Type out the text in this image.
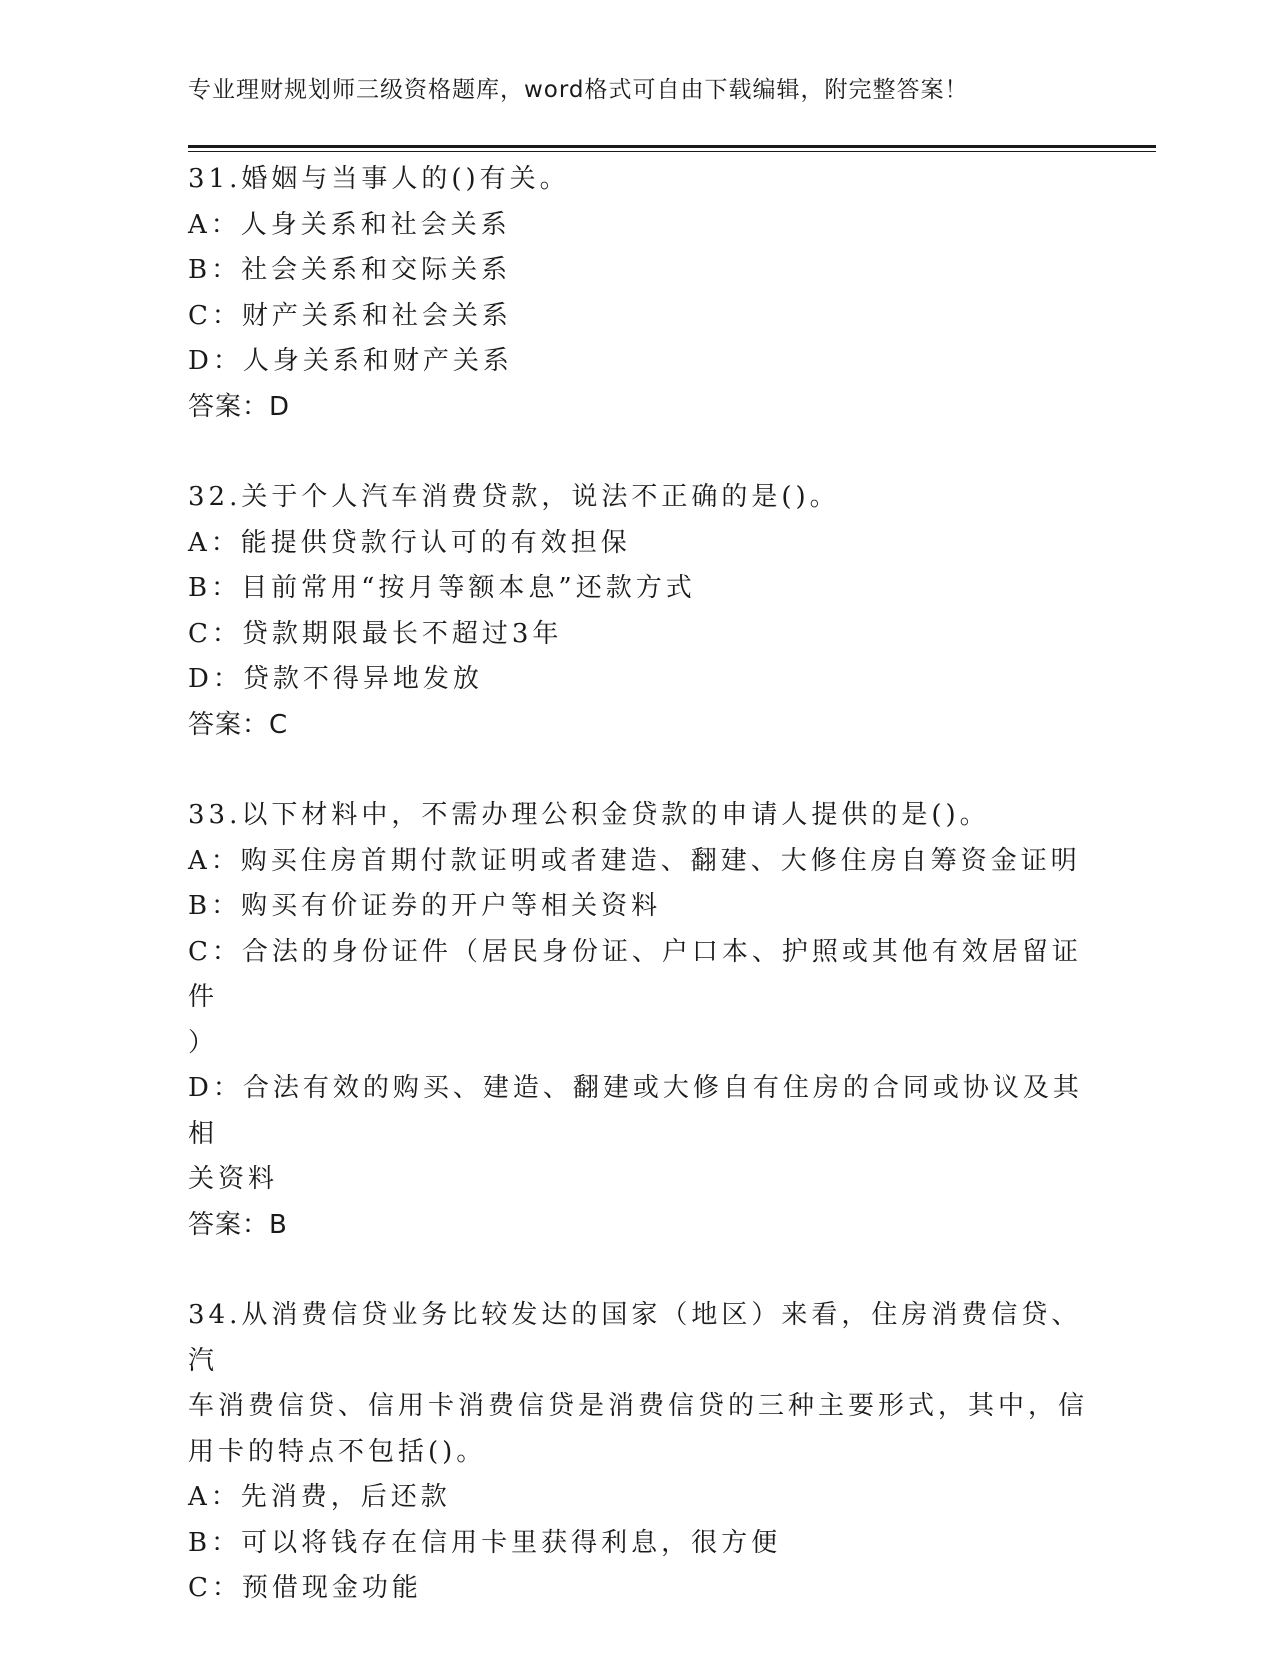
专业理财规划师三级资格题库，word格式可自由下载编辑，附完整答案！
31.婚姻与当事人的()有关。
A：人身关系和社会关系
B：社会关系和交际关系
C：财产关系和社会关系
D：人身关系和财产关系
答案：D
32.关于个人汽车消费贷款，说法不正确的是()。
A：能提供贷款行认可的有效担保
B：目前常用“按月等额本息”还款方式
C：贷款期限最长不超过3年
D：贷款不得异地发放
答案：C
33.以下材料中，不需办理公积金贷款的申请人提供的是()。
A：购买住房首期付款证明或者建造、翻建、大修住房自筹资金证明
B：购买有价证券的开户等相关资料
C：合法的身份证件（居民身份证、户口本、护照或其他有效居留证件
）
D：合法有效的购买、建造、翻建或大修自有住房的合同或协议及其相
关资料
答案：B
34.从消费信贷业务比较发达的国家（地区）来看，住房消费信贷、汽
车消费信贷、信用卡消费信贷是消费信贷的三种主要形式，其中，信
用卡的特点不包括()。
A：先消费，后还款
B：可以将钱存在信用卡里获得利息，很方便
C：预借现金功能
